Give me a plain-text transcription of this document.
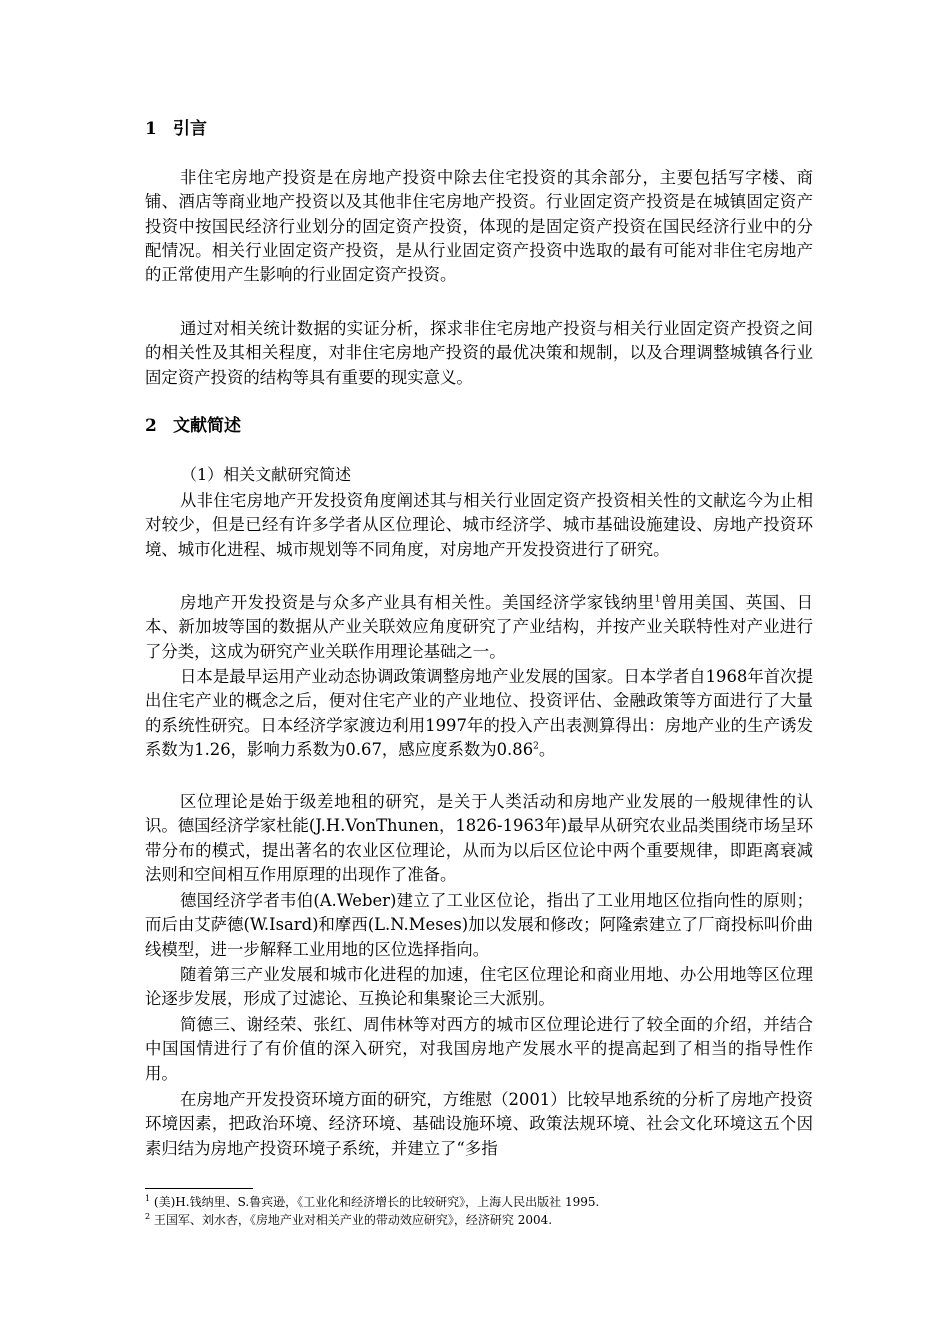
1 引言

非住宅房地产投资是在房地产投资中除去住宅投资的其余部分，主要包括写字楼、商铺、酒店等商业地产投资以及其他非住宅房地产投资。行业固定资产投资是在城镇固定资产投资中按国民经济行业划分的固定资产投资，体现的是固定资产投资在国民经济行业中的分配情况。相关行业固定资产投资，是从行业固定资产投资中选取的最有可能对非住宅房地产的正常使用产生影响的行业固定资产投资。

通过对相关统计数据的实证分析，探求非住宅房地产投资与相关行业固定资产投资之间的相关性及其相关程度，对非住宅房地产投资的最优决策和规制，以及合理调整城镇各行业固定资产投资的结构等具有重要的现实意义。

2 文献简述
（1）相关文献研究简述

从非住宅房地产开发投资角度阐述其与相关行业固定资产投资相关性的文献迄今为止相对较少，但是已经有许多学者从区位理论、城市经济学、城市基础设施建设、房地产投资环境、城市化进程、城市规划等不同角度，对房地产开发投资进行了研究。

房地产开发投资是与众多产业具有相关性。美国经济学家钱纳里$^1$曾用美国、英国、日本、新加坡等国的数据从产业关联效应角度研究了产业结构，并按产业关联特性对产业进行了分类，这成为研究产业关联作用理论基础之一。

日本是最早运用产业动态协调政策调整房地产业发展的国家。日本学者自1968年首次提出住宅产业的概念之后，便对住宅产业的产业地位、投资评估、金融政策等方面进行了大量的系统性研究。日本经济学家渡边利用1997年的投入产出表测算得出：房地产业的生产诱发系数为1.26，影响力系数为0.67，感应度系数为0.86$^2$。

区位理论是始于级差地租的研究，是关于人类活动和房地产业发展的一般规律性的认识。德国经济学家杜能(J.H.VonThunen，1826-1963年)最早从研究农业品类围绕市场呈环带分布的模式，提出著名的农业区位理论，从而为以后区位论中两个重要规律，即距离衰减法则和空间相互作用原理的出现作了准备。

德国经济学者韦伯(A.Weber)建立了工业区位论，指出了工业用地区位指向性的原则；而后由艾萨德(W.Isard)和摩西(L.N.Meses)加以发展和修改；阿隆索建立了厂商投标叫价曲线模型，进一步解释工业用地的区位选择指向。

随着第三产业发展和城市化进程的加速，住宅区位理论和商业用地、办公用地等区位理论逐步发展，形成了过滤论、互换论和集聚论三大派别。

简德三、谢经荣、张红、周伟林等对西方的城市区位理论进行了较全面的介绍，并结合中国国情进行了有价值的深入研究，对我国房地产发展水平的提高起到了相当的指导性作用。

在房地产开发投资环境方面的研究，方维慰（2001）比较早地系统的分析了房地产投资环境因素，把政治环境、经济环境、基础设施环境、政策法规环境、社会文化环境这五个因素归结为房地产投资环境子系统，并建立了“多指

$^1$ (美)H.钱纳里、S.鲁宾逊，《工业化和经济增长的比较研究》，上海人民出版社 1995.
$^2$ 王国军、刘水杏，《房地产业对相关产业的带动效应研究》，经济研究 2004.
